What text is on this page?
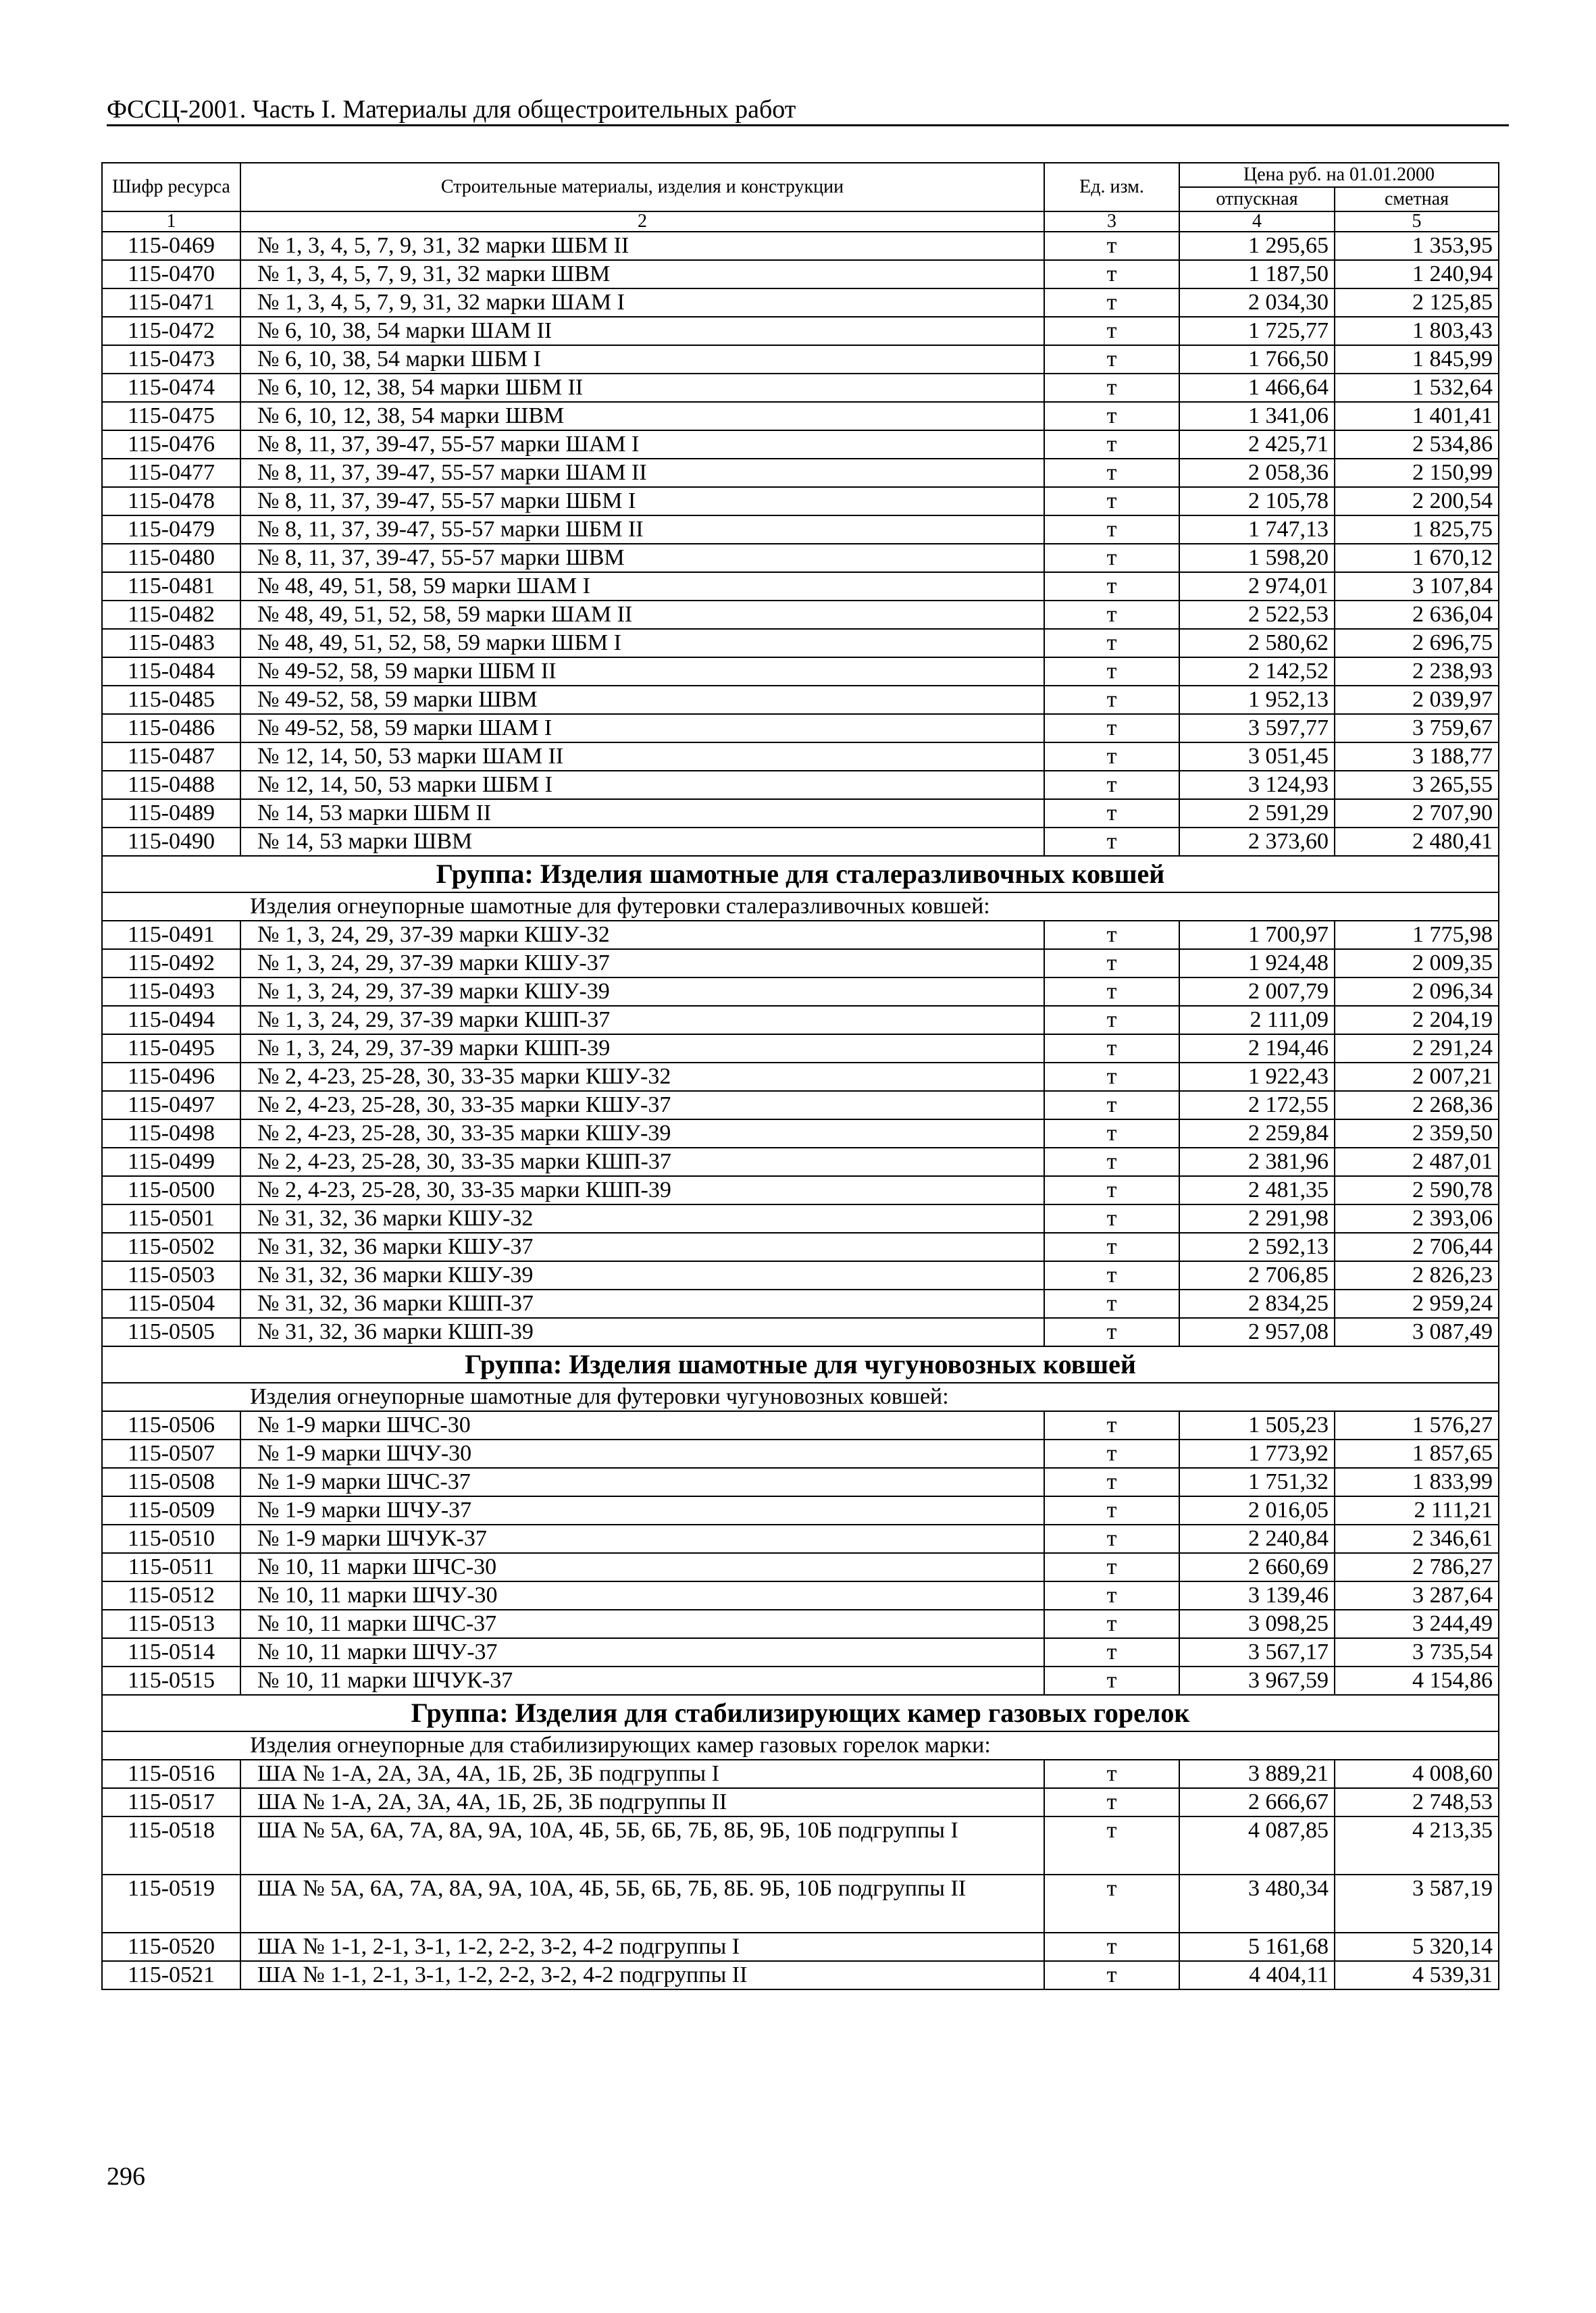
ФССЦ-2001. Часть I. Материалы для общестроительных работ
Шифр ресурса	Строительные материалы, изделия и конструкции	Ед. изм.	Цена руб. на 01.01.2000	
			отпускная	сметная
1	2	3	4	5
115-0469	№ 1, 3, 4, 5, 7, 9, 31, 32 марки ШБМ II	т	1 295,65	1 353,95
115-0470	№ 1, 3, 4, 5, 7, 9, 31, 32 марки ШВМ	т	1 187,50	1 240,94
115-0471	№ 1, 3, 4, 5, 7, 9, 31, 32 марки ШАМ I	т	2 034,30	2 125,85
115-0472	№ 6, 10, 38, 54 марки ШАМ II	т	1 725,77	1 803,43
115-0473	№ 6, 10, 38, 54 марки ШБМ I	т	1 766,50	1 845,99
115-0474	№ 6, 10, 12, 38, 54 марки ШБМ II	т	1 466,64	1 532,64
115-0475	№ 6, 10, 12, 38, 54 марки ШВМ	т	1 341,06	1 401,41
115-0476	№ 8, 11, 37, 39-47, 55-57 марки ШАМ I	т	2 425,71	2 534,86
115-0477	№ 8, 11, 37, 39-47, 55-57 марки ШАМ II	т	2 058,36	2 150,99
115-0478	№ 8, 11, 37, 39-47, 55-57 марки ШБМ I	т	2 105,78	2 200,54
115-0479	№ 8, 11, 37, 39-47, 55-57 марки ШБМ II	т	1 747,13	1 825,75
115-0480	№ 8, 11, 37, 39-47, 55-57 марки ШВМ	т	1 598,20	1 670,12
115-0481	№ 48, 49, 51, 58, 59 марки ШАМ I	т	2 974,01	3 107,84
115-0482	№ 48, 49, 51, 52, 58, 59 марки ШАМ II	т	2 522,53	2 636,04
115-0483	№ 48, 49, 51, 52, 58, 59 марки ШБМ I	т	2 580,62	2 696,75
115-0484	№ 49-52, 58, 59 марки ШБМ II	т	2 142,52	2 238,93
115-0485	№ 49-52, 58, 59 марки ШВМ	т	1 952,13	2 039,97
115-0486	№ 49-52, 58, 59 марки ШАМ I	т	3 597,77	3 759,67
115-0487	№ 12, 14, 50, 53 марки ШАМ II	т	3 051,45	3 188,77
115-0488	№ 12, 14, 50, 53 марки ШБМ I	т	3 124,93	3 265,55
115-0489	№ 14, 53 марки ШБМ II	т	2 591,29	2 707,90
115-0490	№ 14, 53 марки ШВМ	т	2 373,60	2 480,41
Группа: Изделия шамотные для сталеразливочных ковшей				
Изделия огнеупорные шамотные для футеровки сталеразливочных ковшей:				
115-0491	№ 1, 3, 24, 29, 37-39 марки КШУ-32	т	1 700,97	1 775,98
115-0492	№ 1, 3, 24, 29, 37-39 марки КШУ-37	т	1 924,48	2 009,35
115-0493	№ 1, 3, 24, 29, 37-39 марки КШУ-39	т	2 007,79	2 096,34
115-0494	№ 1, 3, 24, 29, 37-39 марки КШП-37	т	2 111,09	2 204,19
115-0495	№ 1, 3, 24, 29, 37-39 марки КШП-39	т	2 194,46	2 291,24
115-0496	№ 2, 4-23, 25-28, 30, 33-35 марки КШУ-32	т	1 922,43	2 007,21
115-0497	№ 2, 4-23, 25-28, 30, 33-35 марки КШУ-37	т	2 172,55	2 268,36
115-0498	№ 2, 4-23, 25-28, 30, 33-35 марки КШУ-39	т	2 259,84	2 359,50
115-0499	№ 2, 4-23, 25-28, 30, 33-35 марки КШП-37	т	2 381,96	2 487,01
115-0500	№ 2, 4-23, 25-28, 30, 33-35 марки КШП-39	т	2 481,35	2 590,78
115-0501	№ 31, 32, 36 марки КШУ-32	т	2 291,98	2 393,06
115-0502	№ 31, 32, 36 марки КШУ-37	т	2 592,13	2 706,44
115-0503	№ 31, 32, 36 марки КШУ-39	т	2 706,85	2 826,23
115-0504	№ 31, 32, 36 марки КШП-37	т	2 834,25	2 959,24
115-0505	№ 31, 32, 36 марки КШП-39	т	2 957,08	3 087,49
Группа: Изделия шамотные для чугуновозных ковшей				
Изделия огнеупорные шамотные для футеровки чугуновозных ковшей:				
115-0506	№ 1-9 марки ШЧС-30	т	1 505,23	1 576,27
115-0507	№ 1-9 марки ШЧУ-30	т	1 773,92	1 857,65
115-0508	№ 1-9 марки ШЧС-37	т	1 751,32	1 833,99
115-0509	№ 1-9 марки ШЧУ-37	т	2 016,05	2 111,21
115-0510	№ 1-9 марки ШЧУК-37	т	2 240,84	2 346,61
115-0511	№ 10, 11 марки ШЧС-30	т	2 660,69	2 786,27
115-0512	№ 10, 11 марки ШЧУ-30	т	3 139,46	3 287,64
115-0513	№ 10, 11 марки ШЧС-37	т	3 098,25	3 244,49
115-0514	№ 10, 11 марки ШЧУ-37	т	3 567,17	3 735,54
115-0515	№ 10, 11 марки ШЧУК-37	т	3 967,59	4 154,86
Группа: Изделия для стабилизирующих камер газовых горелок				
Изделия огнеупорные для стабилизирующих камер газовых горелок марки:				
115-0516	ША № 1-А, 2А, 3А, 4А, 1Б, 2Б, 3Б подгруппы I	т	3 889,21	4 008,60
115-0517	ША № 1-А, 2А, 3А, 4А, 1Б, 2Б, 3Б подгруппы II	т	2 666,67	2 748,53
115-0518	ША № 5А, 6А, 7А, 8А, 9А, 10А, 4Б, 5Б, 6Б, 7Б, 8Б, 9Б, 10Б подгруппы I	т	4 087,85	4 213,35
115-0519	ША № 5А, 6А, 7А, 8А, 9А, 10А, 4Б, 5Б, 6Б, 7Б, 8Б. 9Б, 10Б подгруппы II	т	3 480,34	3 587,19
115-0520	ША № 1-1, 2-1, 3-1, 1-2, 2-2, 3-2, 4-2 подгруппы I	т	5 161,68	5 320,14
115-0521	ША № 1-1, 2-1, 3-1, 1-2, 2-2, 3-2, 4-2 подгруппы II	т	4 404,11	4 539,31
296
